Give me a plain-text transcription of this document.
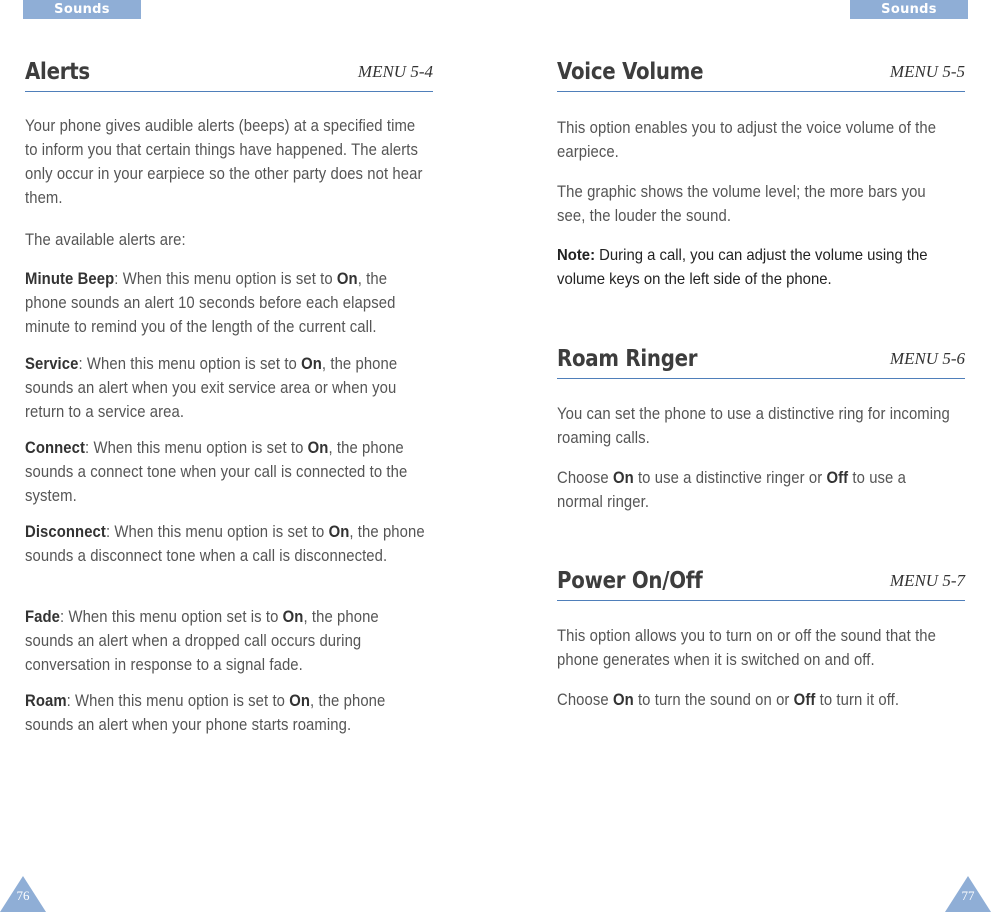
Sounds	Sounds
Alerts	MENU 5-4

Your phone gives audible alerts (beeps) at a specified time to inform you that certain things have happened. The alerts only occur in your earpiece so the other party does not hear them.

The available alerts are:

Minute Beep: When this menu option is set to On, the phone sounds an alert 10 seconds before each elapsed minute to remind you of the length of the current call.

Service: When this menu option is set to On, the phone sounds an alert when you exit service area or when you return to a service area.

Connect: When this menu option is set to On, the phone sounds a connect tone when your call is connected to the system.

Disconnect: When this menu option is set to On, the phone sounds a disconnect tone when a call is disconnected.

Fade: When this menu option set is to On, the phone sounds an alert when a dropped call occurs during conversation in response to a signal fade.

Roam: When this menu option is set to On, the phone sounds an alert when your phone starts roaming.

Voice Volume	MENU 5-5

This option enables you to adjust the voice volume of the earpiece.

The graphic shows the volume level; the more bars you see, the louder the sound.

Note: During a call, you can adjust the volume using the volume keys on the left side of the phone.

Roam Ringer	MENU 5-6

You can set the phone to use a distinctive ring for incoming roaming calls.

Choose On to use a distinctive ringer or Off to use a normal ringer.

Power On/Off	MENU 5-7

This option allows you to turn on or off the sound that the phone generates when it is switched on and off.

Choose On to turn the sound on or Off to turn it off.

76	77
